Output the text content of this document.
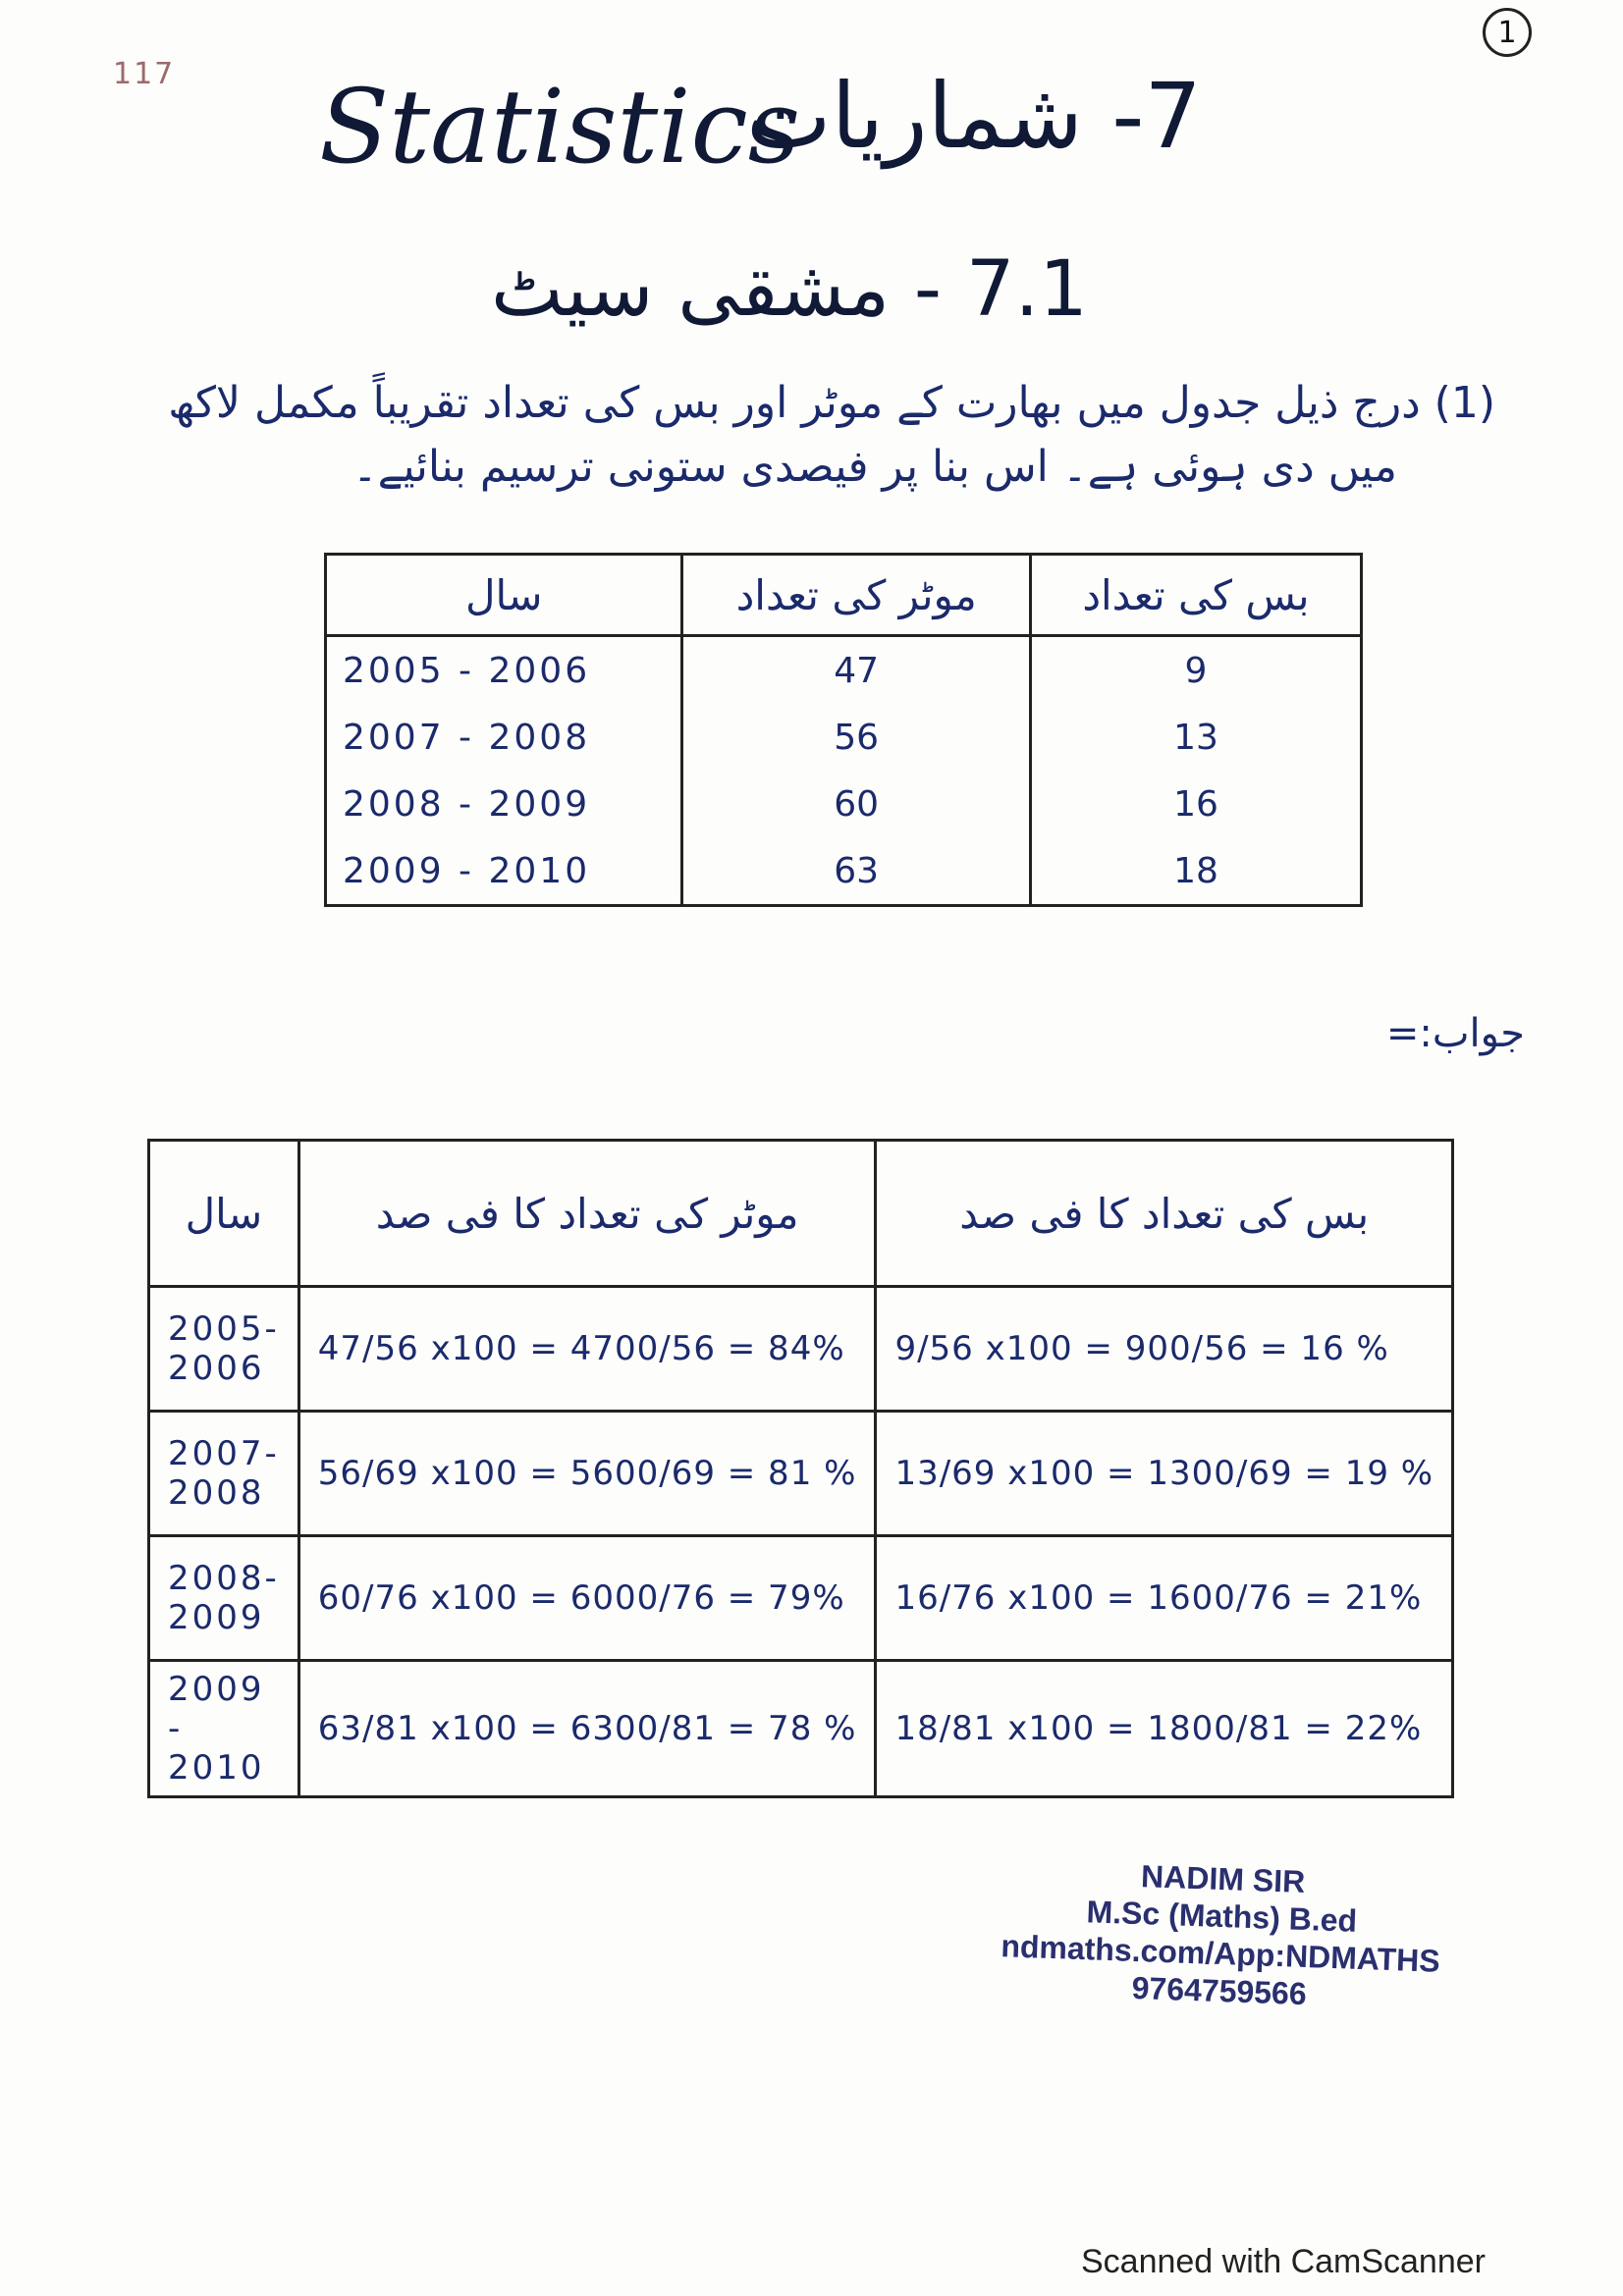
1
117 Statistics
7- شماریات
7.1 - مشقی سیٹ
(1) درج ذیل جدول میں بھارت کے موٹر اور بس کی تعداد تقریباً مکمل لاکھ
میں دی ہوئی ہے۔ اس بنا پر فیصدی ستونی ترسیم بنائیے۔
سال	موٹر کی تعداد	بس کی تعداد
2005 - 2006	47	9
2007 - 2008	56	13
2008 - 2009	60	16
2009 - 2010	63	18
جواب:=
سال	موٹر کی تعداد کا فی صد	بس کی تعداد کا فی صد
2005-2006	47/56 x100 = 4700/56 = 84%	9/56 x100 = 900/56 = 16 %
2007-2008	56/69 x100 = 5600/69 = 81 %	13/69 x100 = 1300/69 = 19 %
2008- 2009	60/76 x100 = 6000/76 = 79%	16/76 x100 = 1600/76 = 21%
2009 - 2010	63/81 x100 = 6300/81 = 78 %	18/81 x100 = 1800/81 = 22%
NADIM SIR
M.Sc (Maths) B.ed
ndmaths.com/App:NDMATHS
9764759566
Scanned with CamScanner
